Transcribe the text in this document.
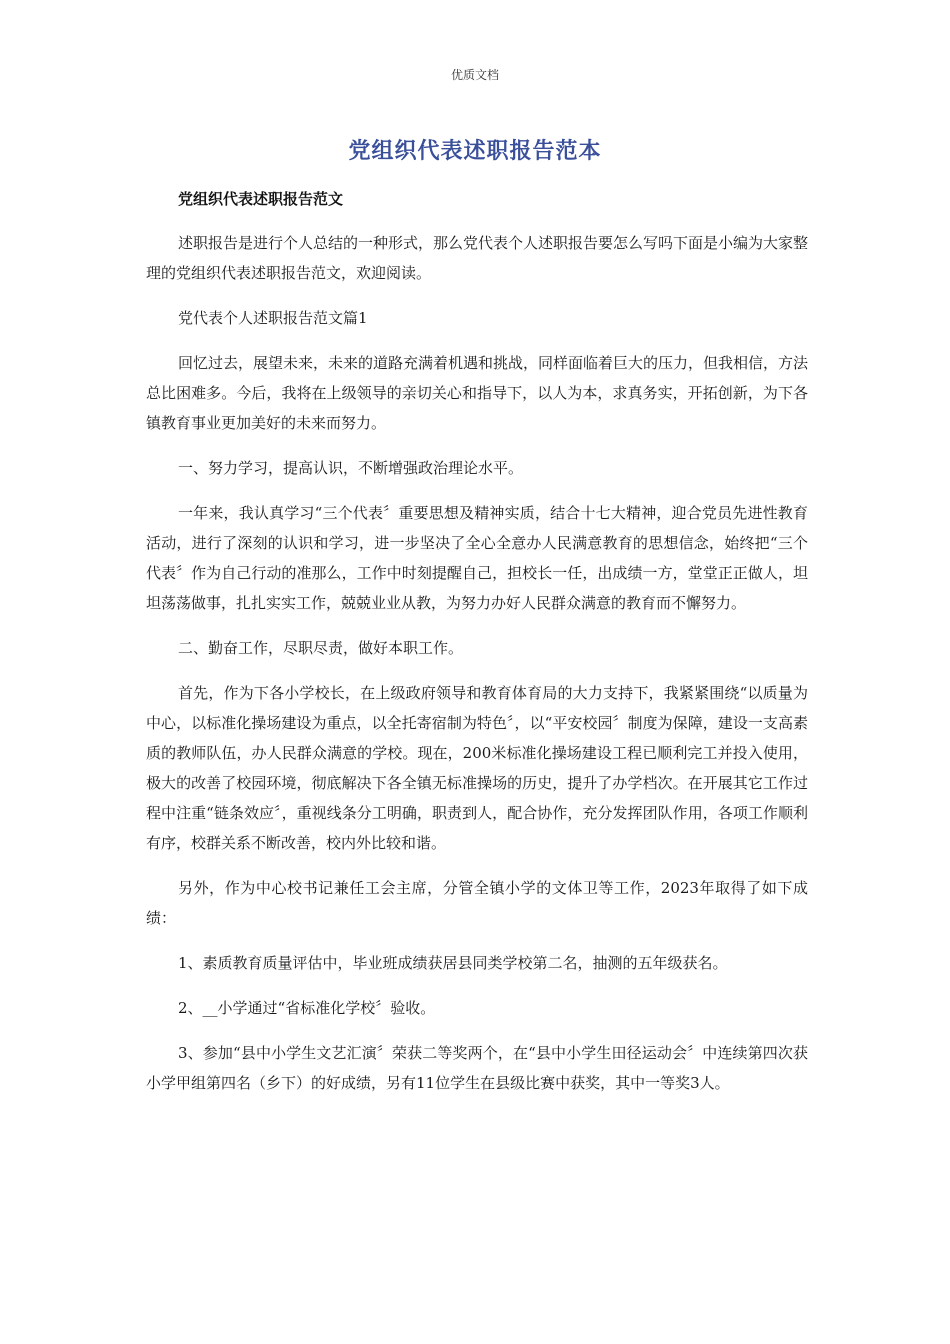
优质文档
党组织代表述职报告范本
党组织代表述职报告范文

述职报告是进行个人总结的一种形式，那么党代表个人述职报告要怎么写吗下面是小编为大家整理的党组织代表述职报告范文，欢迎阅读。

党代表个人述职报告范文篇1

回忆过去，展望未来，未来的道路充满着机遇和挑战，同样面临着巨大的压力，但我相信，方法总比困难多。今后，我将在上级领导的亲切关心和指导下，以人为本，求真务实，开拓创新，为下各镇教育事业更加美好的未来而努力。

一、努力学习，提高认识，不断增强政治理论水平。

一年来，我认真学习“三个代表〞重要思想及精神实质，结合十七大精神，迎合党员先进性教育活动，进行了深刻的认识和学习，进一步坚决了全心全意办人民满意教育的思想信念，始终把“三个代表〞作为自己行动的准那么，工作中时刻提醒自己，担校长一任，出成绩一方，堂堂正正做人，坦坦荡荡做事，扎扎实实工作，兢兢业业从教，为努力办好人民群众满意的教育而不懈努力。

二、勤奋工作，尽职尽责，做好本职工作。

首先，作为下各小学校长，在上级政府领导和教育体育局的大力支持下，我紧紧围绕“以质量为中心，以标准化操场建设为重点，以全托寄宿制为特色〞，以“平安校园〞制度为保障，建设一支高素质的教师队伍，办人民群众满意的学校。现在，200米标准化操场建设工程已顺利完工并投入使用，极大的改善了校园环境，彻底解决下各全镇无标准操场的历史，提升了办学档次。在开展其它工作过程中注重“链条效应〞，重视线条分工明确，职责到人，配合协作，充分发挥团队作用，各项工作顺利有序，校群关系不断改善，校内外比较和谐。

另外，作为中心校书记兼任工会主席，分管全镇小学的文体卫等工作，2023年取得了如下成绩：

1、素质教育质量评估中，毕业班成绩获居县同类学校第二名，抽测的五年级获名。

2、__小学通过“省标准化学校〞验收。

3、参加“县中小学生文艺汇演〞荣获二等奖两个，在“县中小学生田径运动会〞中连续第四次获小学甲组第四名（乡下）的好成绩，另有11位学生在县级比赛中获奖，其中一等奖3人。
